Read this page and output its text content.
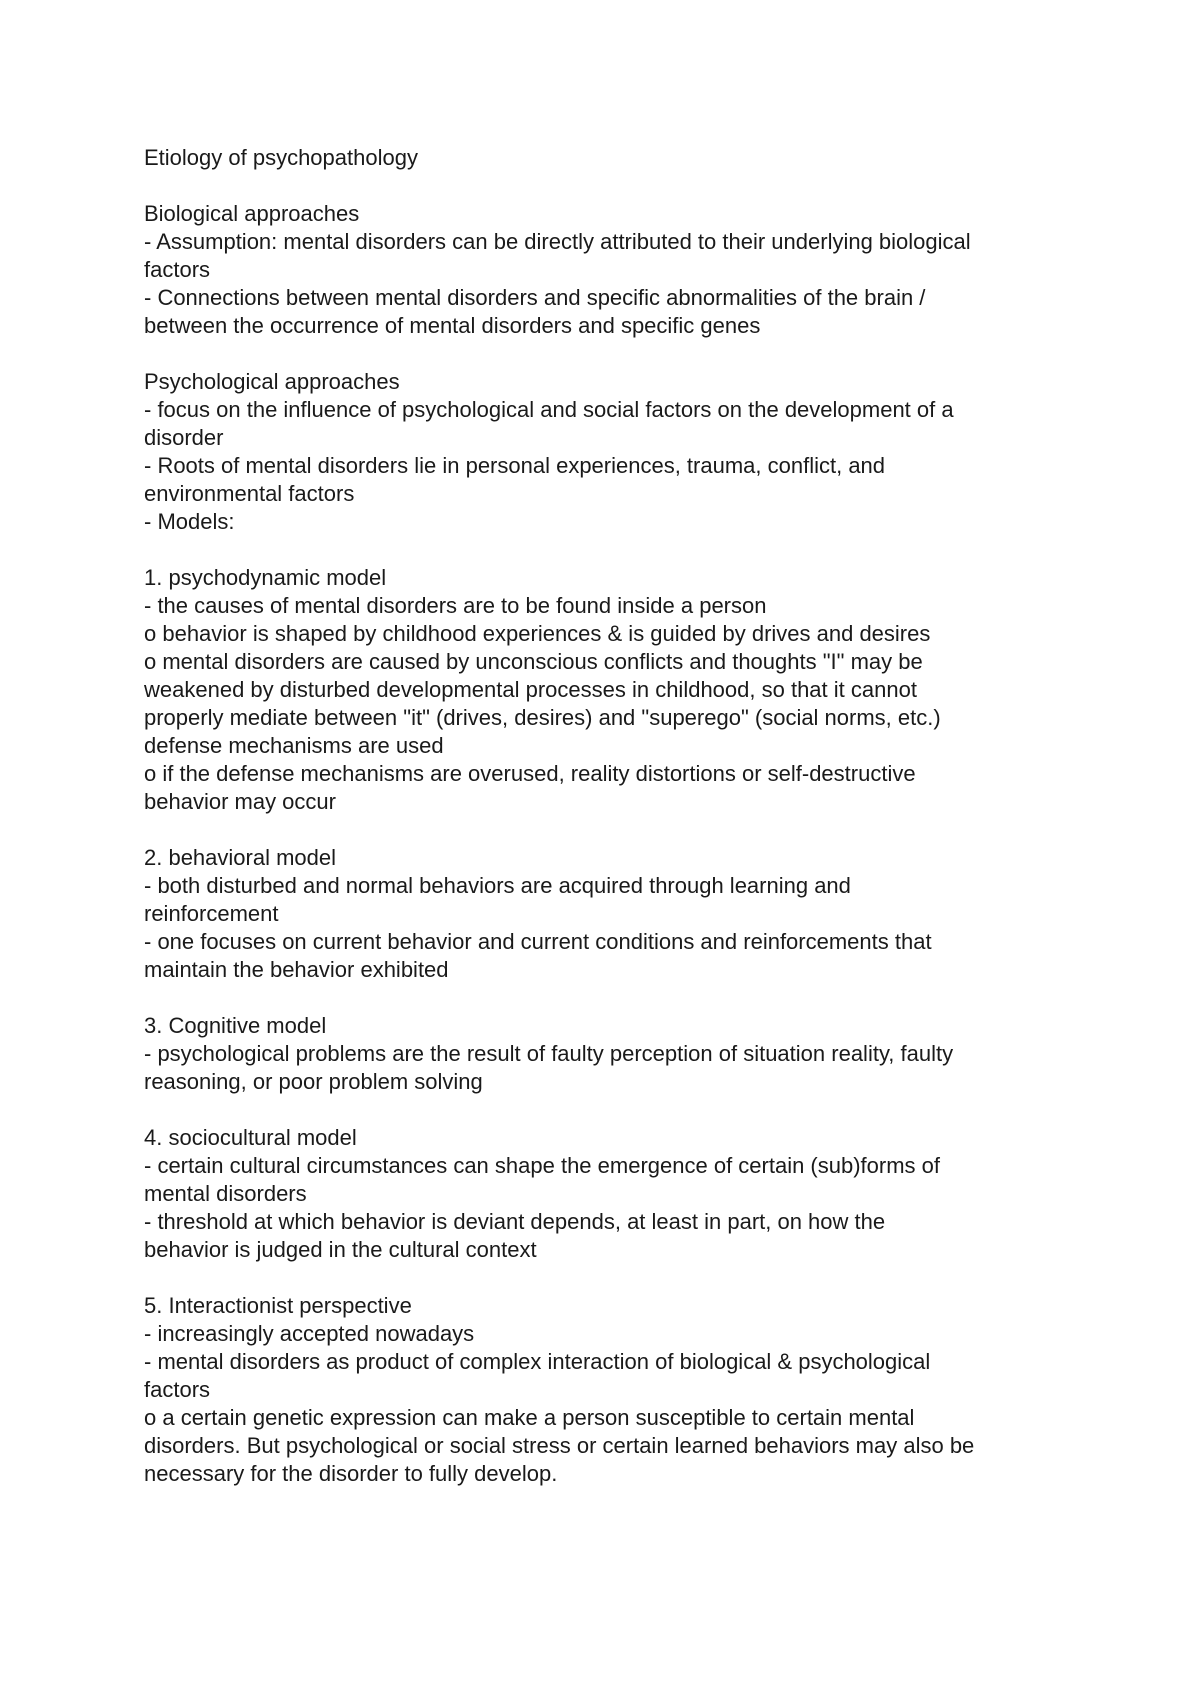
Etiology of psychopathology
Biological approaches
- Assumption: mental disorders can be directly attributed to their underlying biological
factors
- Connections between mental disorders and specific abnormalities of the brain /
between the occurrence of mental disorders and specific genes
Psychological approaches
- focus on the influence of psychological and social factors on the development of a
disorder
- Roots of mental disorders lie in personal experiences, trauma, conflict, and
environmental factors
- Models:
1. psychodynamic model
- the causes of mental disorders are to be found inside a person
o behavior is shaped by childhood experiences & is guided by drives and desires
o mental disorders are caused by unconscious conflicts and thoughts "I" may be
weakened by disturbed developmental processes in childhood, so that it cannot
properly mediate between "it" (drives, desires) and "superego" (social norms, etc.)
defense mechanisms are used
o if the defense mechanisms are overused, reality distortions or self-destructive
behavior may occur
2. behavioral model
- both disturbed and normal behaviors are acquired through learning and
reinforcement
- one focuses on current behavior and current conditions and reinforcements that
maintain the behavior exhibited
3. Cognitive model
- psychological problems are the result of faulty perception of situation reality, faulty
reasoning, or poor problem solving
4. sociocultural model
- certain cultural circumstances can shape the emergence of certain (sub)forms of
mental disorders
- threshold at which behavior is deviant depends, at least in part, on how the
behavior is judged in the cultural context
5. Interactionist perspective
- increasingly accepted nowadays
- mental disorders as product of complex interaction of biological & psychological
factors
o a certain genetic expression can make a person susceptible to certain mental
disorders. But psychological or social stress or certain learned behaviors may also be
necessary for the disorder to fully develop.
